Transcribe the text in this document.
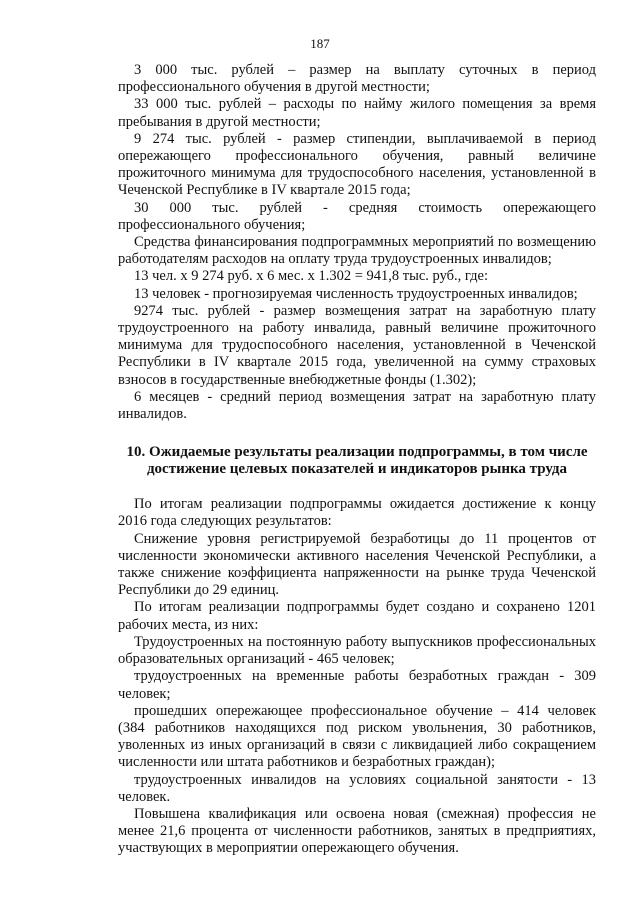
187

3 000 тыс. рублей – размер на выплату суточных в период профессионального обучения в другой местности;

33 000 тыс. рублей – расходы по найму жилого помещения за время пребывания в другой местности;

9 274 тыс. рублей - размер стипендии, выплачиваемой в период опережающего профессионального обучения, равный величине прожиточного минимума для трудоспособного населения, установленной в Чеченской Республике в IV квартале 2015 года;

30 000 тыс. рублей - средняя стоимость опережающего профессионального обучения;

Средства финансирования подпрограммных мероприятий по возмещению работодателям расходов на оплату труда трудоустроенных инвалидов;

13 чел. х 9 274 руб. х 6 мес. х 1.302 = 941,8 тыс. руб., где:

13 человек - прогнозируемая численность трудоустроенных инвалидов;

9274 тыс. рублей - размер возмещения затрат на заработную плату трудоустроенного на работу инвалида, равный величине прожиточного минимума для трудоспособного населения, установленной в Чеченской Республики в IV квартале 2015 года, увеличенной на сумму страховых взносов в государственные внебюджетные фонды (1.302);

6 месяцев - средний период возмещения затрат на заработную плату инвалидов.

10. Ожидаемые результаты реализации подпрограммы, в том числе достижение целевых показателей и индикаторов рынка труда

По итогам реализации подпрограммы ожидается достижение к концу 2016 года следующих результатов:

Снижение уровня регистрируемой безработицы до 11 процентов от численности экономически активного населения Чеченской Республики, а также снижение коэффициента напряженности на рынке труда Чеченской Республики до 29 единиц.

По итогам реализации подпрограммы будет создано и сохранено 1201 рабочих места, из них:

Трудоустроенных на постоянную работу выпускников профессиональных образовательных организаций - 465 человек;

трудоустроенных на временные работы безработных граждан - 309 человек;

прошедших опережающее профессиональное обучение – 414 человек (384 работников находящихся под риском увольнения, 30 работников, уволенных из иных организаций в связи с ликвидацией либо сокращением численности или штата работников и безработных граждан);

трудоустроенных инвалидов на условиях социальной занятости - 13 человек.

Повышена квалификация или освоена новая (смежная) профессия не менее 21,6 процента от численности работников, занятых в предприятиях, участвующих в мероприятии опережающего обучения.
